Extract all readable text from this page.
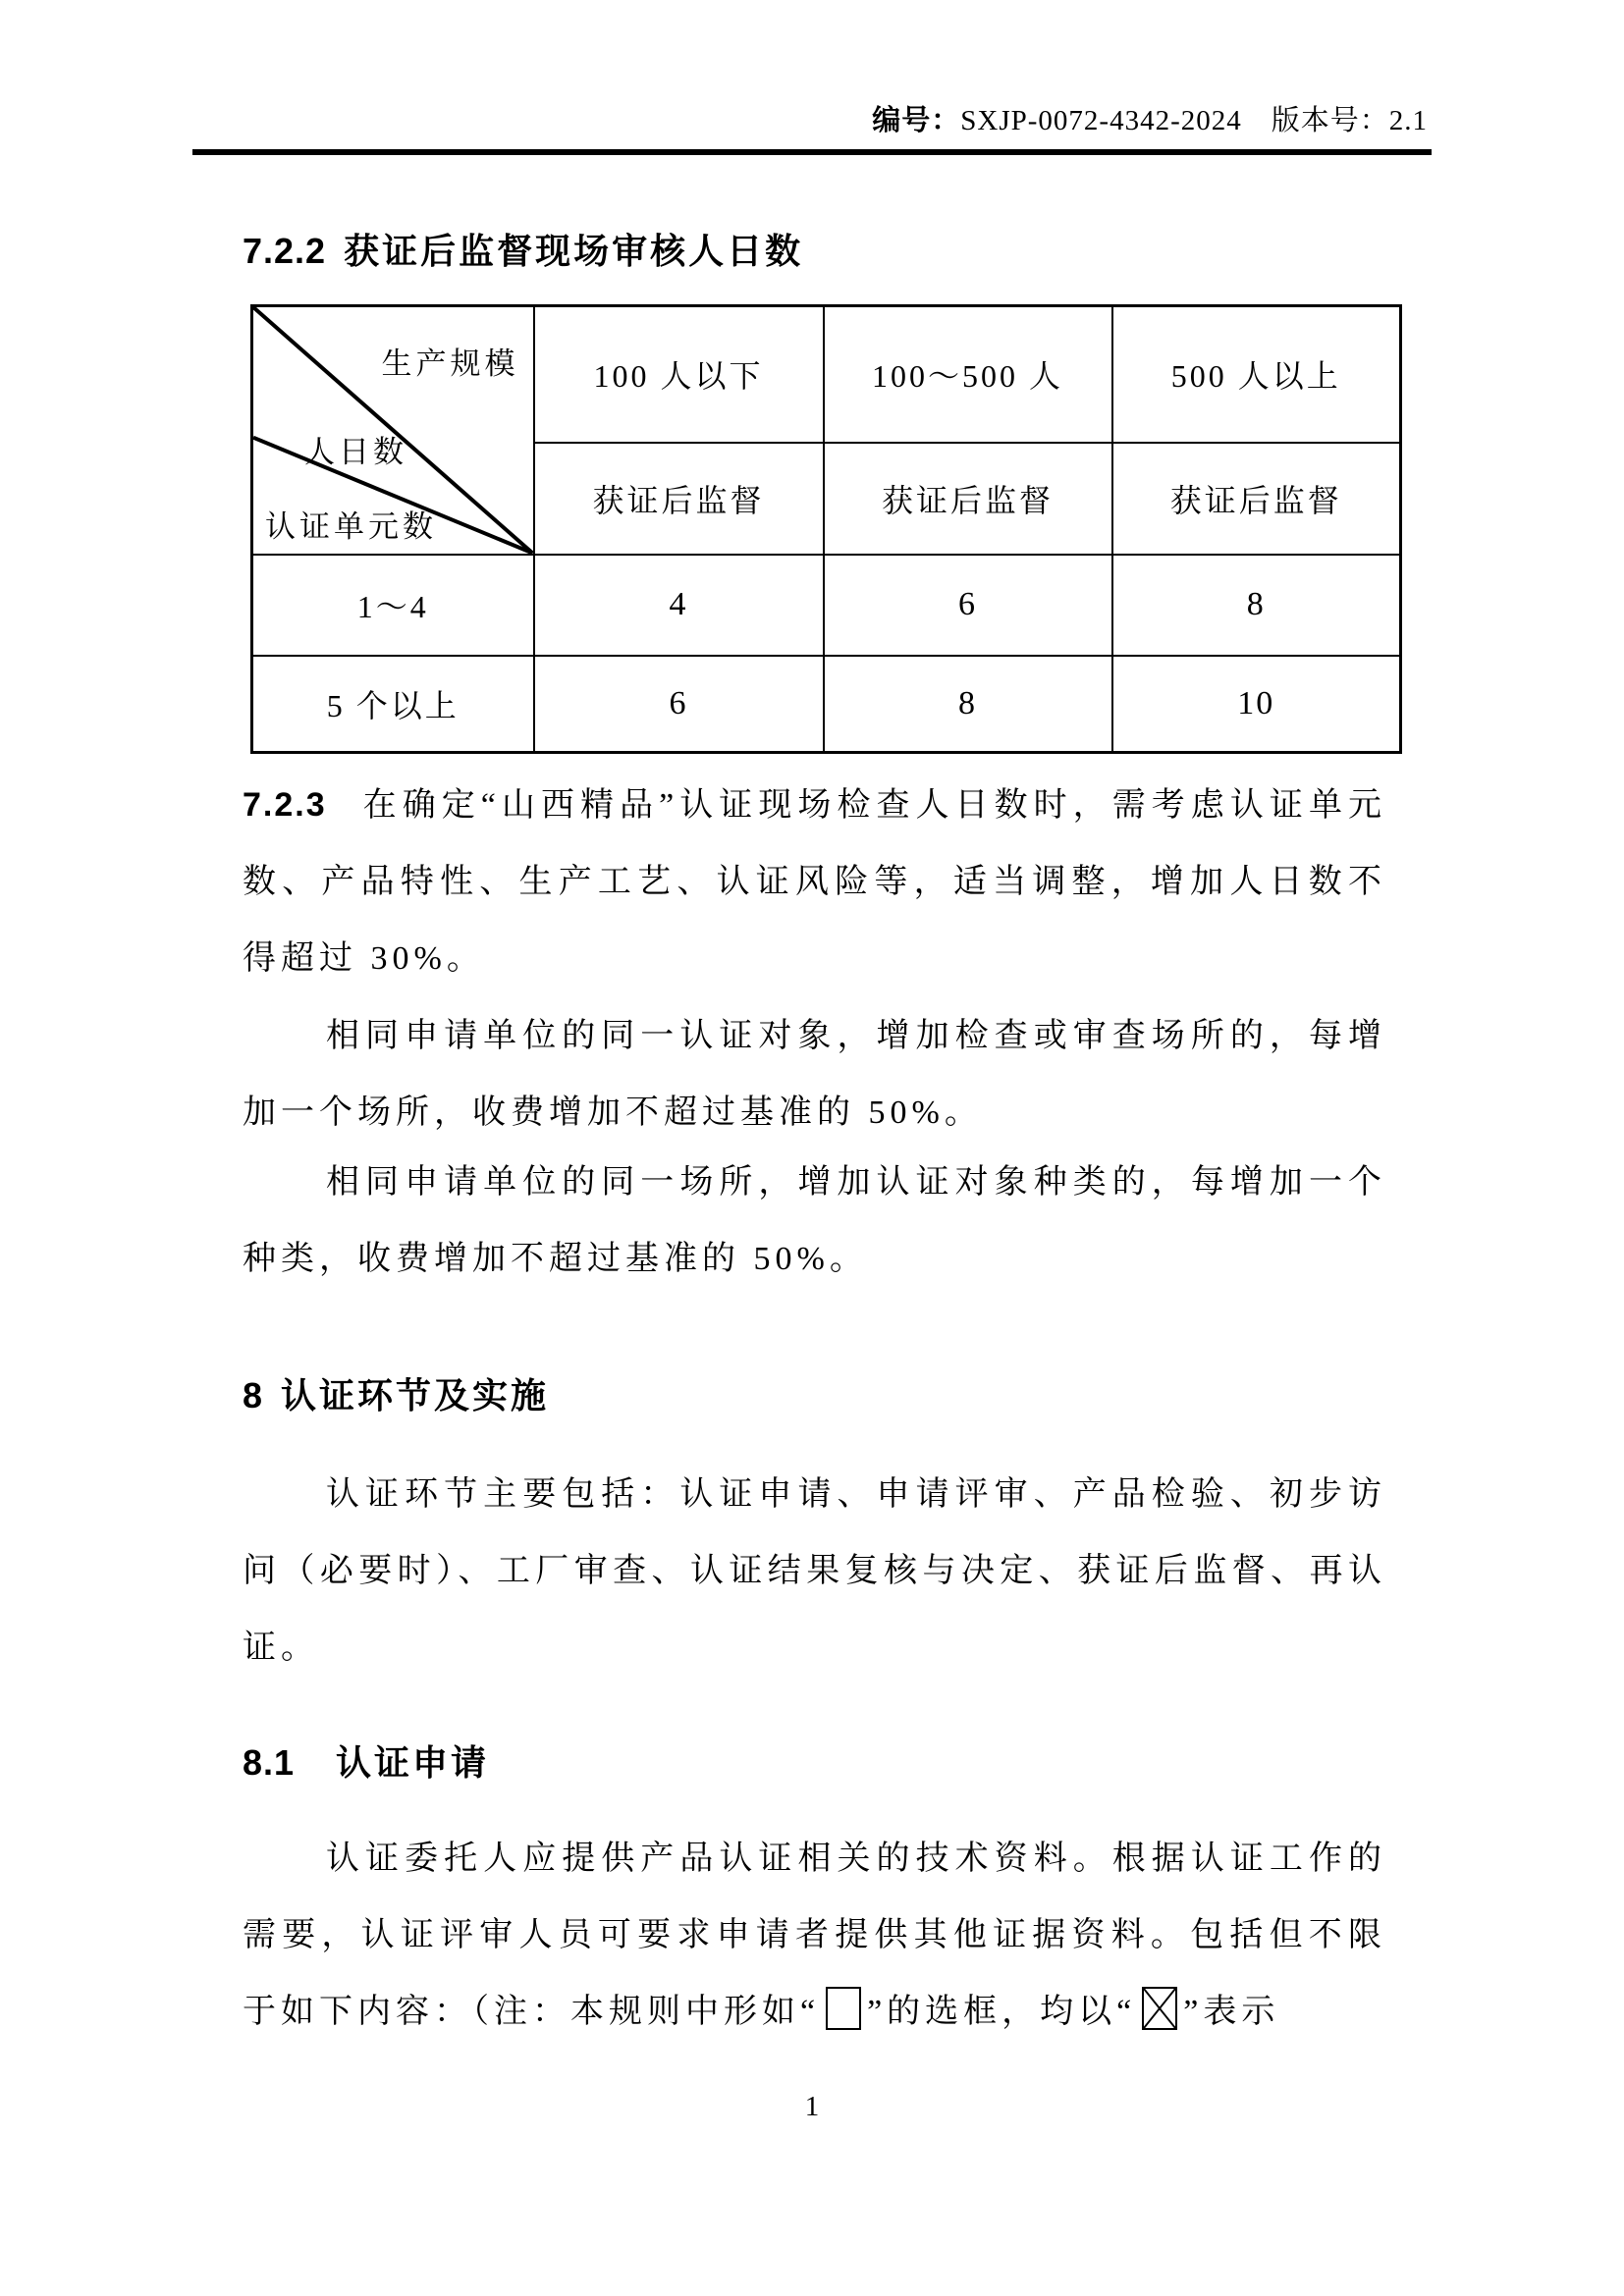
编号：SXJP-0072-4342-2024 版本号：2.1
7.2.2 获证后监督现场审核人日数
生产规模
人日数
认证单元数	100 人以下	100～500 人	500 人以上
	获证后监督	获证后监督	获证后监督
1～4	4	6	8
5 个以上	6	8	10

7.2.3 在确定“山西精品”认证现场检查人日数时，需考虑认证单元数、产品特性、生产工艺、认证风险等，适当调整，增加人日数不得超过 30%。

相同申请单位的同一认证对象，增加检查或审查场所的，每增加一个场所，收费增加不超过基准的 50%。

相同申请单位的同一场所，增加认证对象种类的，每增加一个种类，收费增加不超过基准的 50%。

8 认证环节及实施

认证环节主要包括：认证申请、申请评审、产品检验、初步访问（必要时）、工厂审查、认证结果复核与决定、获证后监督、再认证。

8.1 认证申请

认证委托人应提供产品认证相关的技术资料。根据认证工作的需要，认证评审人员可要求申请者提供其他证据资料。包括但不限于如下内容：（注：本规则中形如“ ”的选框，均以“ ”表示

1
